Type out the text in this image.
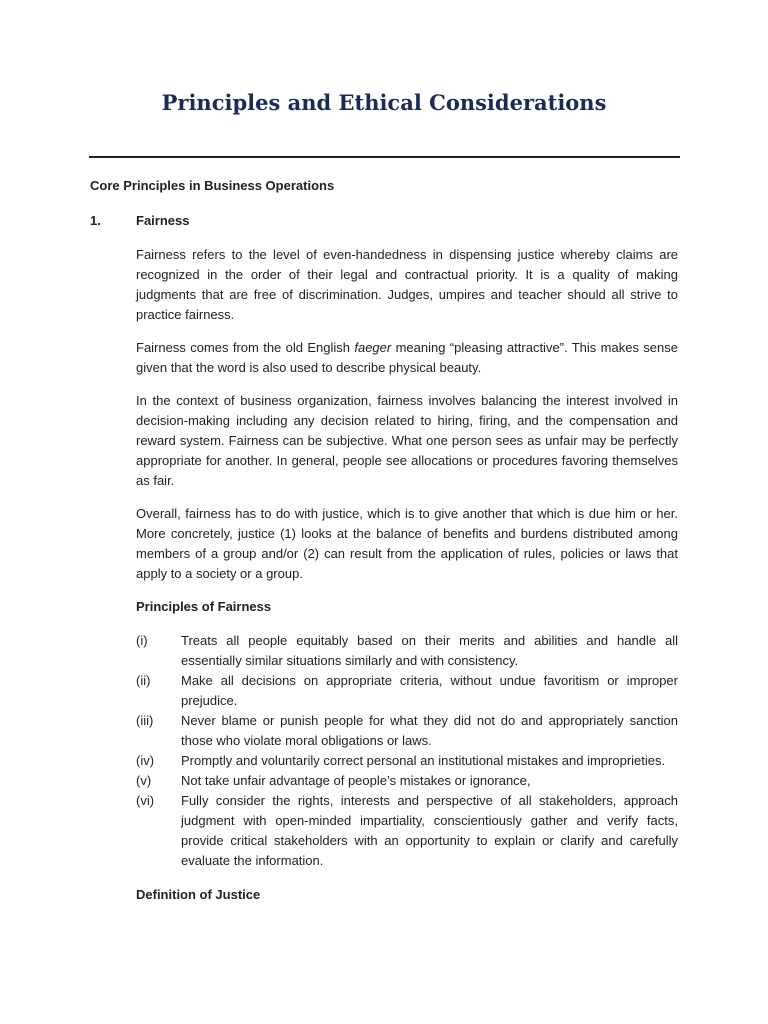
Principles and Ethical Considerations
Core Principles in Business Operations
1.	Fairness

Fairness refers to the level of even-handedness in dispensing justice whereby claims are recognized in the order of their legal and contractual priority. It is a quality of making judgments that are free of discrimination. Judges, umpires and teacher should all strive to practice fairness.

Fairness comes from the old English faeger meaning “pleasing attractive”. This makes sense given that the word is also used to describe physical beauty.

In the context of business organization, fairness involves balancing the interest involved in decision-making including any decision related to hiring, firing, and the compensation and reward system. Fairness can be subjective. What one person sees as unfair may be perfectly appropriate for another. In general, people see allocations or procedures favoring themselves as fair.

Overall, fairness has to do with justice, which is to give another that which is due him or her. More concretely, justice (1) looks at the balance of benefits and burdens distributed among members of a group and/or (2) can result from the application of rules, policies or laws that apply to a society or a group.

Principles of Fairness

(i)	Treats all people equitably based on their merits and abilities and handle all essentially similar situations similarly and with consistency.
(ii)	Make all decisions on appropriate criteria, without undue favoritism or improper prejudice.
(iii)	Never blame or punish people for what they did not do and appropriately sanction those who violate moral obligations or laws.
(iv)	Promptly and voluntarily correct personal an institutional mistakes and improprieties.
(v)	Not take unfair advantage of people’s mistakes or ignorance,
(vi)	Fully consider the rights, interests and perspective of all stakeholders, approach judgment with open-minded impartiality, conscientiously gather and verify facts, provide critical stakeholders with an opportunity to explain or clarify and carefully evaluate the information.

Definition of Justice
